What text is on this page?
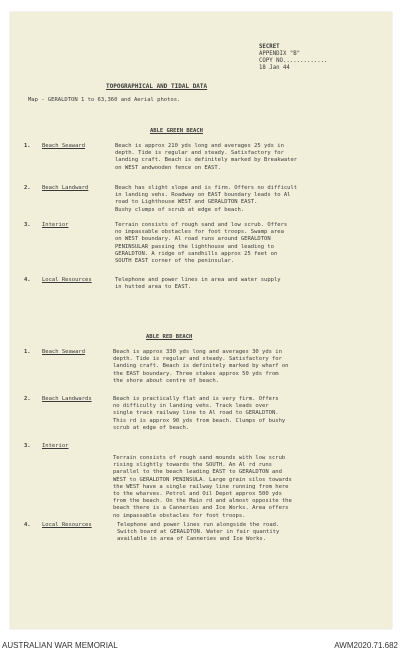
SECRET
APPENDIX "B"
COPY NO.............
18 Jan 44
TOPOGRAPHICAL AND TIDAL DATA
Map - GERALDTON 1 to 63,360 and Aerial photos.
ABLE GREEN BEACH
1. Beach Seaward	Beach is approx 210 yds long and averages 25 yds in
depth. Tide is regular and steady. Satisfactory for
landing craft. Beach is definitely marked by Breakwater
on WEST andwooden fence on EAST.
2. Beach Landward	Beach has slight slope and is firm. Offers no difficult
in landing vehs. Roadway on EAST boundary leads to Al
road to Lighthouse WEST and GERALDTON EAST.
Bushy clumps of scrub at edge of beach.
3. Interior	Terrain consists of rough sand and low scrub. Offers
no impassable obstacles for foot troops. Swamp area
on WEST boundary. Al road runs around GERALDTON
PENINSULAR passing the lighthouse and leading to
GERALDTON. A ridge of sandhills approx 25 feet on
SOUTH EAST corner of the peninsular.
4. Local Resources	Telephone and power lines in area and water supply
in hutted area to EAST.
ABLE RED BEACH
1. Beach Seaward	Beach is approx 330 yds long and averages 30 yds in
depth. Tide is regular and steady. Satisfactory for
landing craft. Beach is definitely marked by wharf on
the EAST boundary. Three stakes approx 50 yds from
the shore about centre of beach.
2. Beach Landwards	Beach is practically flat and is very firm. Offers
no difficulty in landing vehs. Track leads over
single track railway line to Al road to GERALDTON.
This rd is approx 90 yds from beach. Clumps of bushy
scrub at edge of beach.
3. Interior
Terrain consists of rough sand mounds with low scrub
rising slightly towards the SOUTH. An Al rd runs
parallel to the beach leading EAST to GERALDTON and
WEST to GERALDTON PENINSULA. Large grain silos towards
the WEST have a single railway line running from here
to the wharves. Petrol and Oil Depot approx 500 yds
from the beach. On the Main rd and almost opposite the
beach there is a Canneries and Ice Works. Area offers
no impassable obstacles for foot troops.
4. Local Resources	Telephone and power lines run alongside the road.
Switch board at GERALDTON. Water in fair quantity
available in area of Canneries and Ice Works.
AUSTRALIAN WAR MEMORIAL	AWM2020.71.682
